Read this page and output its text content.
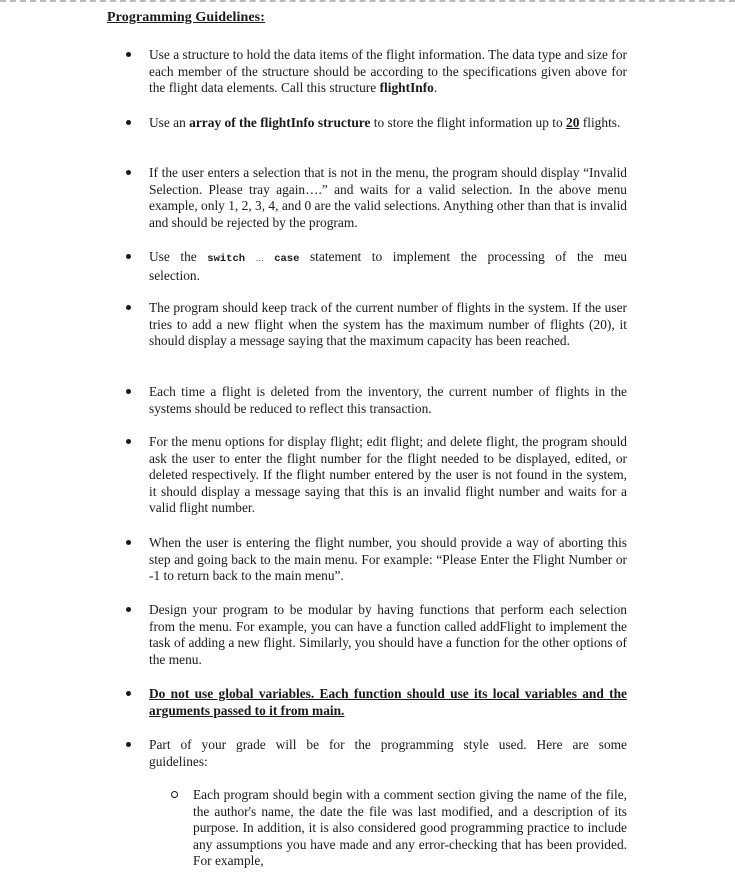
Programming Guidelines:
Use a structure to hold the data items of the flight information. The data type and size for each member of the structure should be according to the specifications given above for the flight data elements. Call this structure flightInfo.
Use an array of the flightInfo structure to store the flight information up to 20 flights.
If the user enters a selection that is not in the menu, the program should display “Invalid Selection. Please tray again….” and waits for a valid selection. In the above menu example, only 1, 2, 3, 4, and 0 are the valid selections. Anything other than that is invalid and should be rejected by the program.
Use the switch … case statement to implement the processing of the meu selection.
The program should keep track of the current number of flights in the system. If the user tries to add a new flight when the system has the maximum number of flights (20), it should display a message saying that the maximum capacity has been reached.
Each time a flight is deleted from the inventory, the current number of flights in the systems should be reduced to reflect this transaction.
For the menu options for display flight; edit flight; and delete flight, the program should ask the user to enter the flight number for the flight needed to be displayed, edited, or deleted respectively. If the flight number entered by the user is not found in the system, it should display a message saying that this is an invalid flight number and waits for a valid flight number.
When the user is entering the flight number, you should provide a way of aborting this step and going back to the main menu. For example: “Please Enter the Flight Number or -1 to return back to the main menu”.
Design your program to be modular by having functions that perform each selection from the menu. For example, you can have a function called addFlight to implement the task of adding a new flight. Similarly, you should have a function for the other options of the menu.
Do not use global variables. Each function should use its local variables and the arguments passed to it from main.
Part of your grade will be for the programming style used. Here are some guidelines:
Each program should begin with a comment section giving the name of the file, the author's name, the date the file was last modified, and a description of its purpose. In addition, it is also considered good programming practice to include any assumptions you have made and any error-checking that has been provided. For example,
